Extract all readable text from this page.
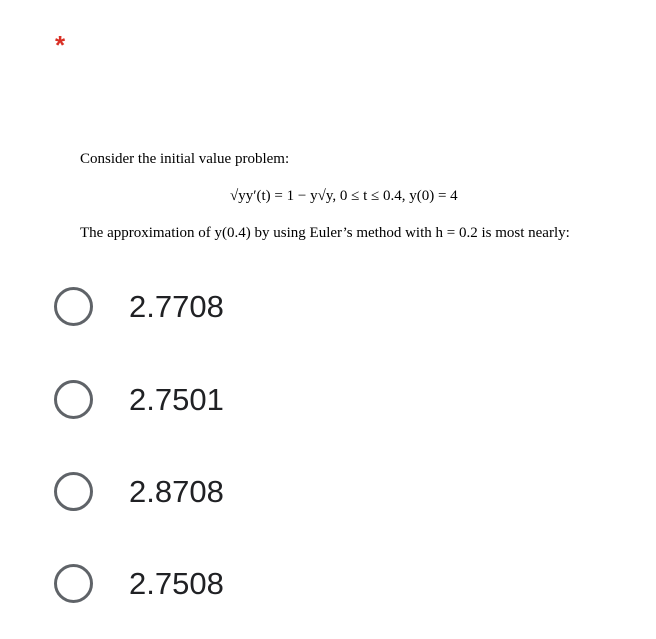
*
Consider the initial value problem:
√yy′(t) = 1 − y√y, 0 ≤ t ≤ 0.4, y(0) = 4
The approximation of y(0.4) by using Euler’s method with h = 0.2 is most nearly:
2.7708
2.7501
2.8708
2.7508
